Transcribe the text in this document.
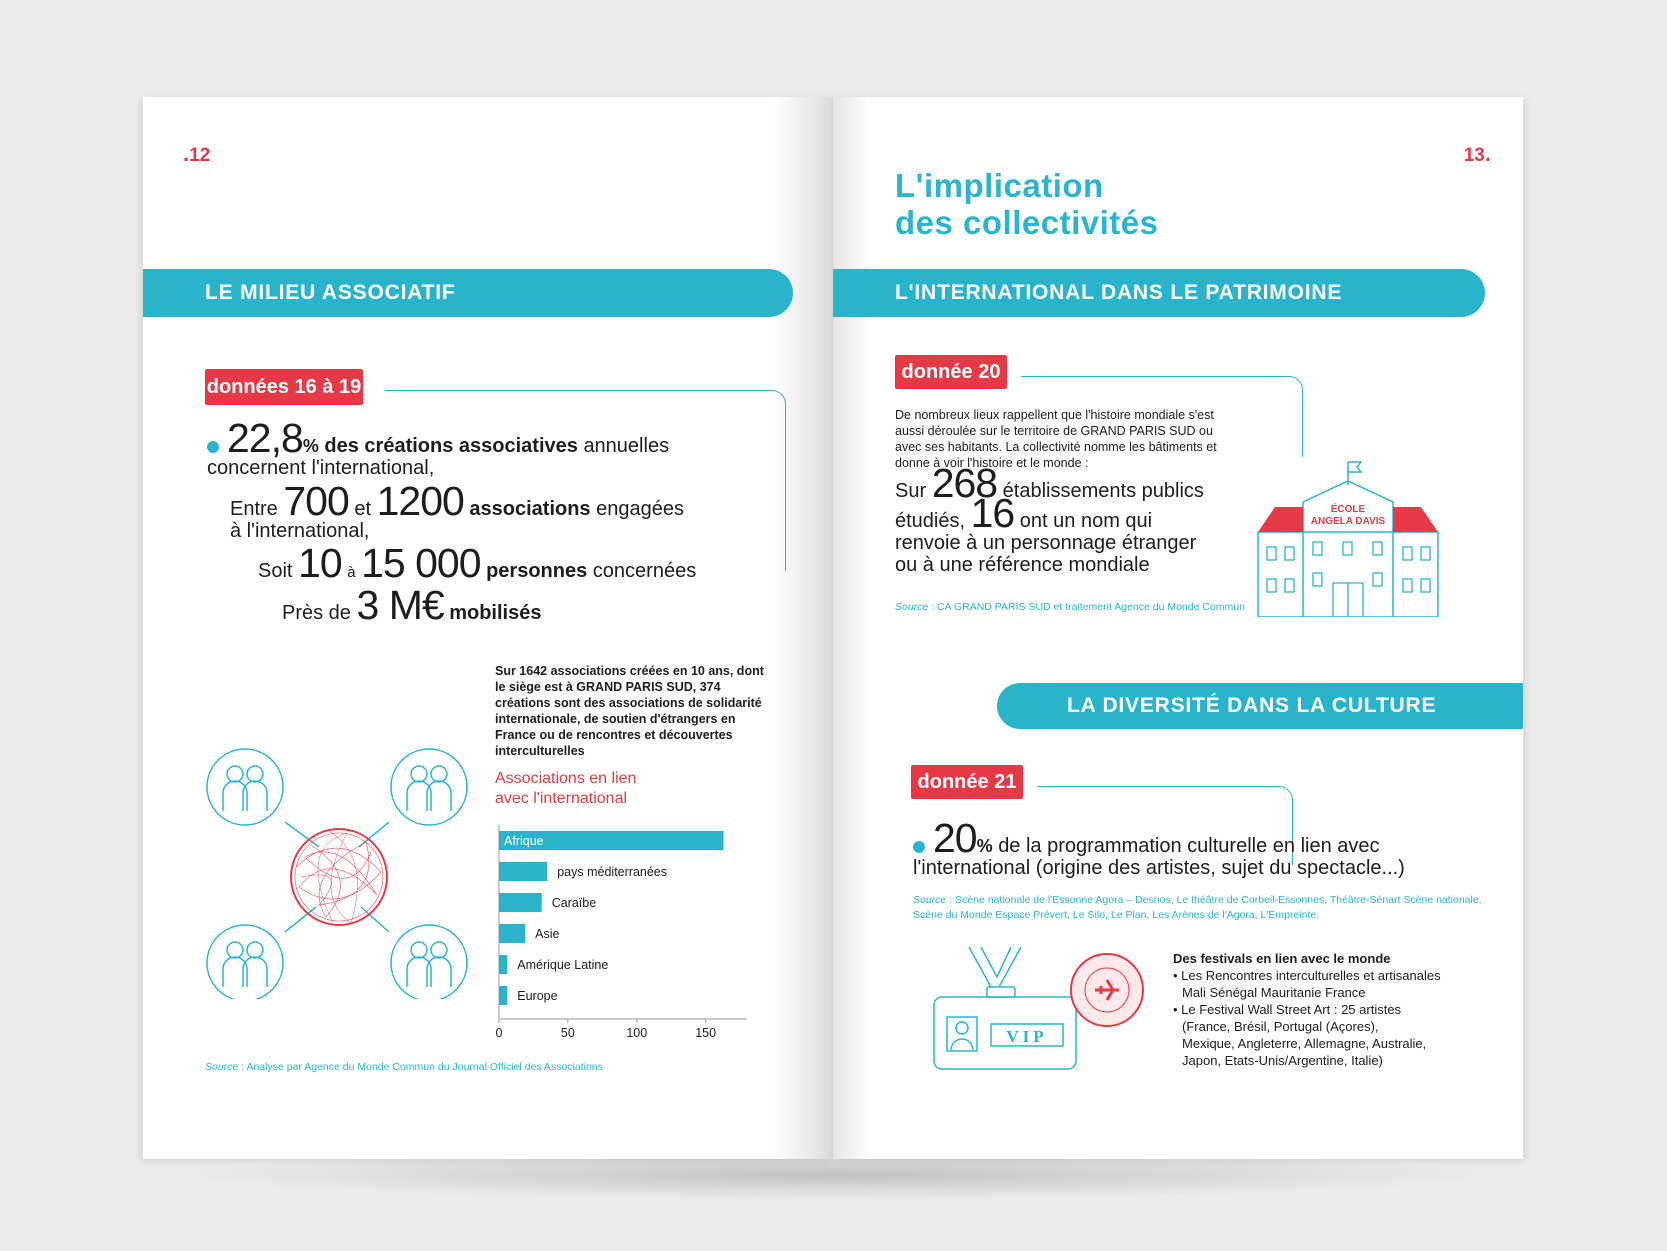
.12
LE MILIEU ASSOCIATIF
données 16 à 19
22,8% des créations associatives annuelles
concernent l'international,
Entre 700 et 1200 associations engagées
à l'international,
Soit 10 à 15 000 personnes concernées
Près de 3 M€ mobilisés
Sur 1642 associations créées en 10 ans, dont le siège est à GRAND PARIS SUD, 374 créations sont des associations de solidarité internationale, de soutien d'étrangers en France ou de rencontres et découvertes interculturelles
Associations en lien
avec l'international
Afrique
pays méditerranées
Caraïbe
Asie
Amérique Latine
Europe
0	50	100	150
Source : Analyse par Agence du Monde Commun du Journal Officiel des Associations
13.
L'implication
des collectivités
L'INTERNATIONAL DANS LE PATRIMOINE
donnée 20
De nombreux lieux rappellent que l'histoire mondiale s'est aussi déroulée sur le territoire de GRAND PARIS SUD ou avec ses habitants. La collectivité nomme les bâtiments et donne à voir l'histoire et le monde :
Sur 268 établissements publics
étudiés, 16 ont un nom qui
renvoie à un personnage étranger
ou à une référence mondiale
Source : CA GRAND PARIS SUD et traitement Agence du Monde Commun
ÉCOLE
ANGELA DAVIS
LA DIVERSITÉ DANS LA CULTURE
donnée 21
20% de la programmation culturelle en lien avec
l'international (origine des artistes, sujet du spectacle...)
Source : Scène nationale de l'Essonne Agora – Desnos, Le théâtre de Corbeil-Essonnes, Théâtre-Sénart Scène nationale,
Scène du Monde Espace Prévert, Le Silo, Le Plan, Les Arènes de l'Agora, L'Empreinte.
VIP
Des festivals en lien avec le monde
• Les Rencontres interculturelles et artisanales
Mali Sénégal Mauritanie France
• Le Festival Wall Street Art : 25 artistes
(France, Brésil, Portugal (Açores),
Mexique, Angleterre, Allemagne, Australie,
Japon, Etats-Unis/Argentine, Italie)
